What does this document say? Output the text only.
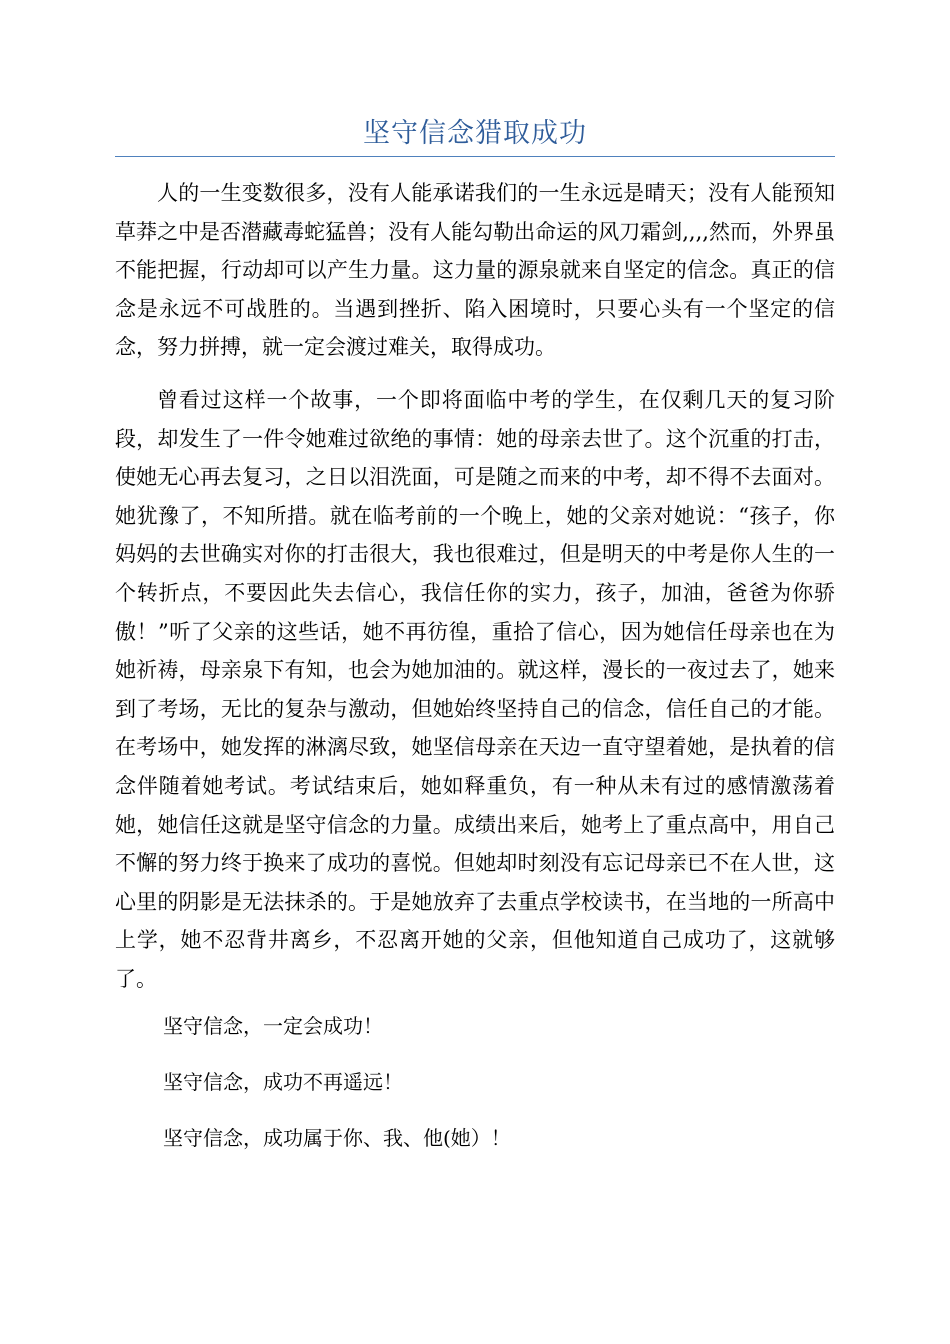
坚守信念猎取成功

人的一生变数很多，没有人能承诺我们的一生永远是晴天；没有人能预知草莽之中是否潜藏毒蛇猛兽；没有人能勾勒出命运的风刀霜剑,,,,然而，外界虽不能把握，行动却可以产生力量。这力量的源泉就来自坚定的信念。真正的信念是永远不可战胜的。当遇到挫折、陷入困境时，只要心头有一个坚定的信念，努力拼搏，就一定会渡过难关，取得成功。

曾看过这样一个故事，一个即将面临中考的学生，在仅剩几天的复习阶段，却发生了一件令她难过欲绝的事情：她的母亲去世了。这个沉重的打击，使她无心再去复习，之日以泪洗面，可是随之而来的中考，却不得不去面对。她犹豫了，不知所措。就在临考前的一个晚上，她的父亲对她说：“孩子，你妈妈的去世确实对你的打击很大，我也很难过，但是明天的中考是你人生的一个转折点，不要因此失去信心，我信任你的实力，孩子，加油，爸爸为你骄傲！”听了父亲的这些话，她不再彷徨，重拾了信心，因为她信任母亲也在为她祈祷，母亲泉下有知，也会为她加油的。就这样，漫长的一夜过去了，她来到了考场，无比的复杂与激动，但她始终坚持自己的信念，信任自己的才能。在考场中，她发挥的淋漓尽致，她坚信母亲在天边一直守望着她，是执着的信念伴随着她考试。考试结束后，她如释重负，有一种从未有过的感情激荡着她，她信任这就是坚守信念的力量。成绩出来后，她考上了重点高中，用自己不懈的努力终于换来了成功的喜悦。但她却时刻没有忘记母亲已不在人世，这心里的阴影是无法抹杀的。于是她放弃了去重点学校读书，在当地的一所高中上学，她不忍背井离乡，不忍离开她的父亲，但他知道自己成功了，这就够了。

坚守信念，一定会成功！

坚守信念，成功不再遥远！

坚守信念，成功属于你、我、他(她）！
